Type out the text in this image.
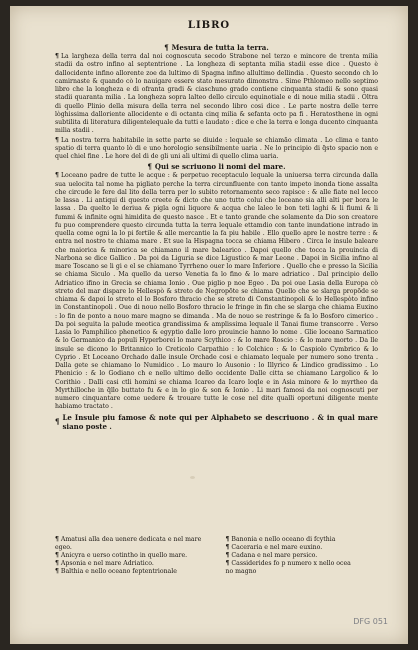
LIBRO
¶ Mesura de tutta la terra.

¶ La largheza della terra dal noi cognoscuta secodo Strabone nel terzo e mincore de trenta milia stadii da ostro infino al septentrione . La longheza di septanta milia stadii esse dice . Questo è dallocidente infino allorente zoe da lultimo di Spagna infino allultimo dellindia . Questo secondo ch lo camirnaste & quando cò lo nauigare essere stato mesurato dimonstra . Sime Pthlomeo nello septimo libro che la longheza e di ofranta gradi & ciaschuno grado contiene cinquanta stadii & sono quasi stadii quaranta milia . La longheza sopra lalteo dello circulo equinotiale e di noue milia stadii . Oltra di quello Plinio della misura della terra nel secondo libro cosi dice . Le parte nostra delle terre lòghissima dalloriente allocidente e di octanta cinq milia & sefanta octo pa fi . Heratosthene in ogni subtilita di literatura diligentelequale da tutti e laudato : dice e che la terra e longa ducento cinquanta milia stadii .

¶ La nostra terra habitabile in sette parte se diuide : lequale se chiamão climata . Lo clima e tanto spatio di terra quanto lò di e uno horologio sensibilmente uaria . Ne lo principio di q̃sto spacio non e quel chiel fine . Le hore del di de gli uni ali ultimi di quello clima uaria.

¶ Qui se scriuono li nomi del mare.

¶ Loceano padre de tutte le acque : & perpetuo receptaculo lequale la uniuersa terra circunda dalla sua uelocita tal nome ha pigliato perche la terra circunfluente con tanto impeto inonda tione assalta che circude le fere dal lito della terra per lo subito retornamento seco rapisce : & alle fiate nel lecco le lassa . Li antiqui di questo creete & dicto che uno tutto colui che loceano sia alli alti per bora le lassa . Da quelto le deriua & pigla ogni liquore & acqua che laleo le bon teti laghi & li fiumi & li fummi & infinite ogni himidita de questo nasce . Et e tanto grande che solamente da Dio son creatore fu puo comprendere questo circunda tutta la terra lequale ettamdio con tante inundatione intrado in quella come ogni la lo pi fertile & alle mercantie la fa piu habile . Ello quello apre le nostre terre : & entra nel nostro te chiama mare . Et sue la Hispagna tocca se chiama Hibero . Circa le insule baleare che maiorica & minorica se chiamano il mare balearico . Dapoi quello che tocca la prouincia di Narbona se dice Gallico . Da poi da Liguria se dice Ligustico & mar Leone . Dapoi in Sicilia infino al mare Toscano se li gi e el se chiamano Tyrrheno ouer lo mare Inferiore . Quello che e presso la Sicilia se chiama Siculo . Ma quello da uerso Venetia fa lo fino & lo mare adriatico . Dal principio dello Adriatico ifino in Grecia se chiama Ionio . Oue piglio p noe Egeo . Da poi oue Lasia della Europa cò streto del mar dispare lo Hellespò & streto de Negropõte se chiama Quello che se slarga propõde se chiama & dapoi lo streto el lo Bosforo thracio che se streto di Constantinopoli & lo Hellespòto infino in Constantinopoli . Oue di nouo nello Bosforo thracio le fringe in fin che se slarga che chiama Euxino : lo fin de ponto a nouo mare magno se dimanda . Ma de nouo se restringe & fa lo Bosforo cimerico . Da poi seguita la palude meotica grandissima & amplissima lequale il Tanai fiume transcorre . Verso Lasia lo Pamphilico phenetico & egyptio dalle loro prouincie hanno lo nome . Glie loceano Sarmatico & lo Germanico da populi Hyperborei lo mare Scythico : & lo mare Roscio : & lo mare morto . Da lle insule se dicono lo Britannico lo Creticolo Carpathio : lo Colchico : & lo Caspiolo Cymbrico & lo Cyprio . Et Loceano Orchado dalle insule Orchade cosi e chiamato lequale per numero sono trenta . Dalla gete se chiamano lo Numidico . Lo mauro lo Ausonio : lo Illyrico & Lindico gradissimo . Lo Phenicio : & lo Godiano ch e nello ultimo dello occidente Dalle citta se chiamano Largolico & lo Corithio . Dalli casi ctli homini se chiama Icareo da Icaro loqle e in Asia minore & lo myrtheo da Myrthilloche in q̃llo buttato fu & e in lo gio & son & Ionio . Li mari famosi da noi cognoscuti per numero cinquantare come uedere & trouare tutte le cose nel dite qualli oportuni diligente mente habiamo tractato .

¶ Le Insule piu famose & note qui per Alphabeto se descriuono . & in qual mare siano poste .
¶ Amatusi alla dea uenere dedicata e nel mare
egeo.
¶ Anicyra e uerso cotintho in quello mare.
¶ Apsonia e nel mare Adriatico.
¶ Balthia e nello oceano feptentrionale
¶ Banonia e nello oceano di fcythia
¶ Caceraria e nel mare euxino.
¶ Cadana e nel mare persico.
¶ Cassiderides fo p numero x nello ocea
no magno
DFG 051
